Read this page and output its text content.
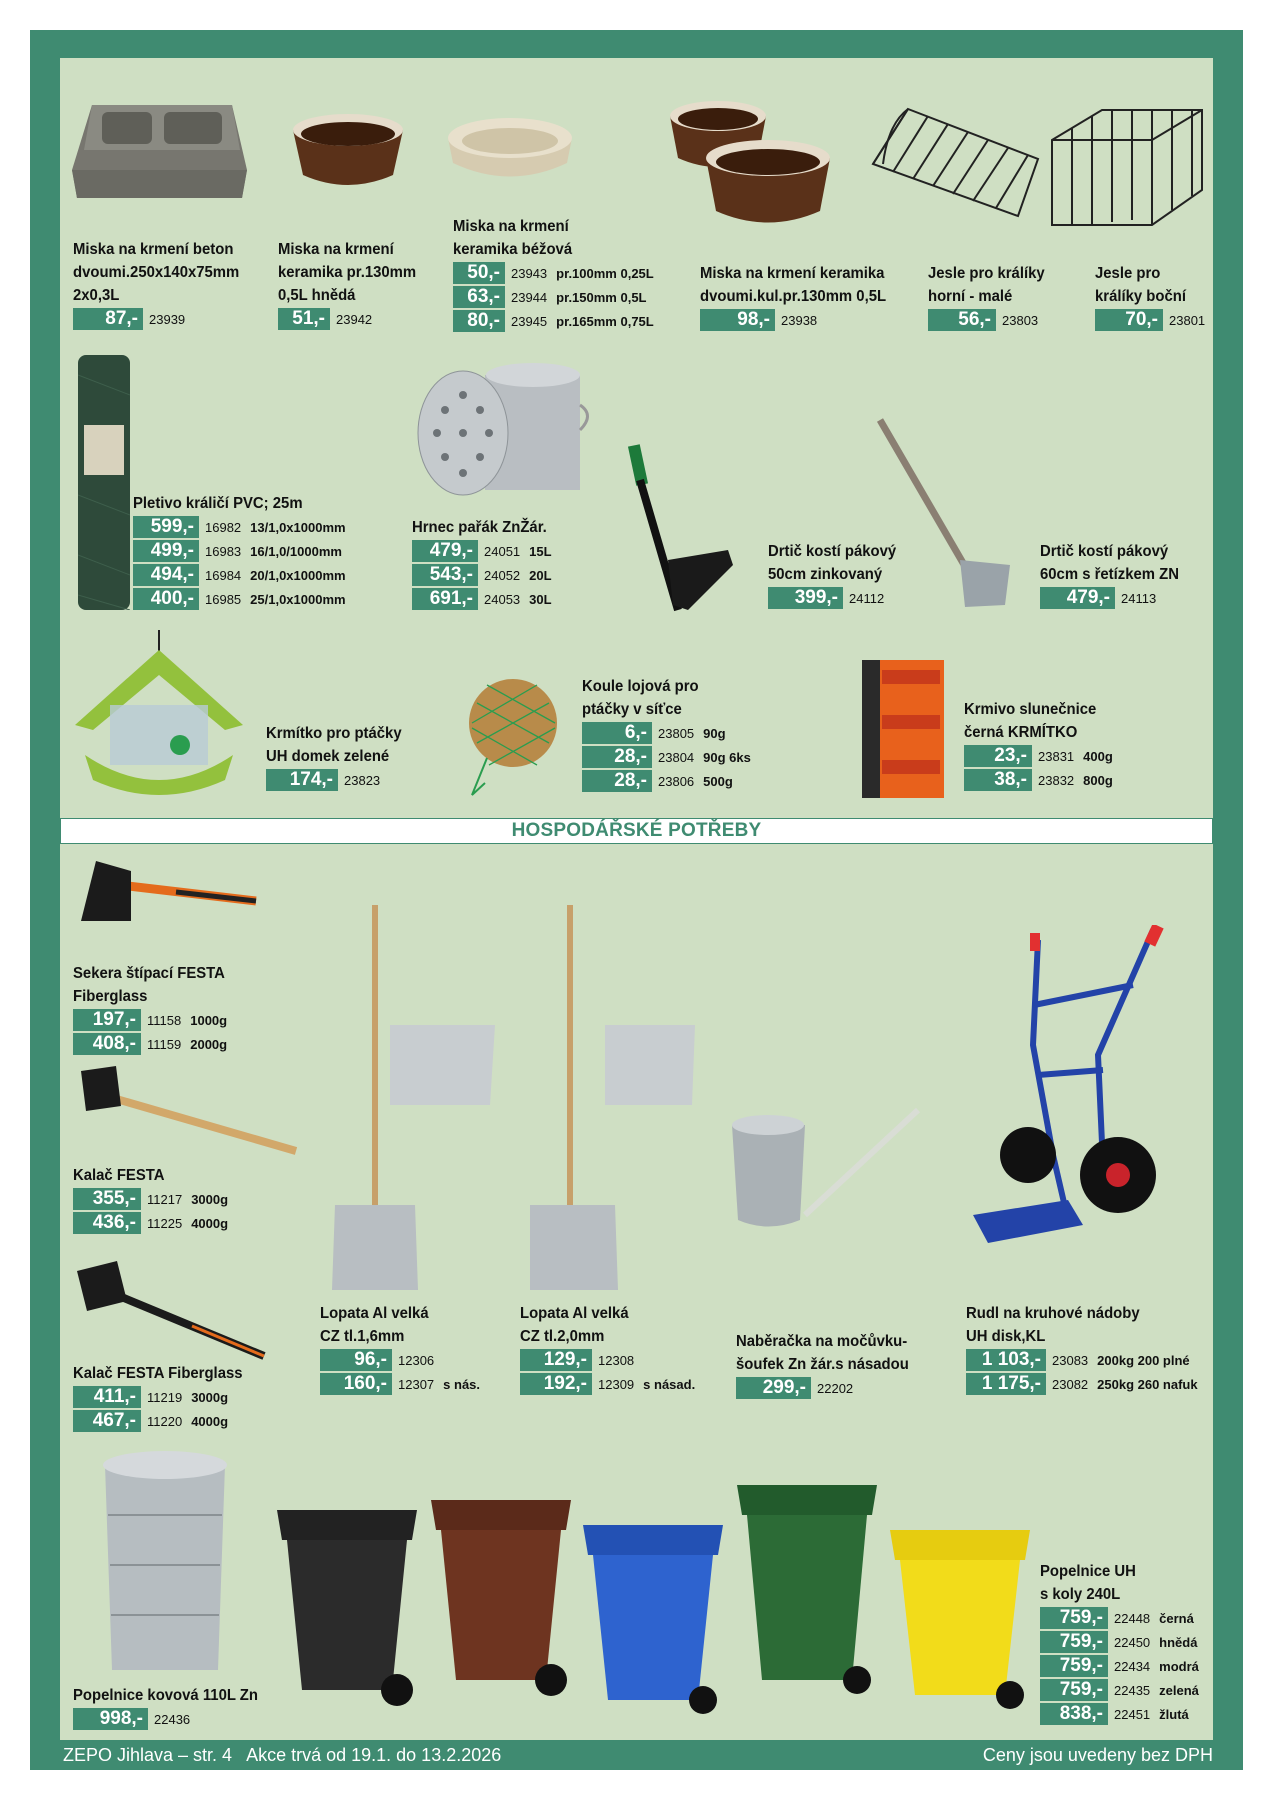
HOSPODÁŘSKÉ POTŘEBY
Miska na krmení beton
dvoumi.250x140x75mm
2x0,3L
87,- 23939
Miska na krmení
keramika pr.130mm
0,5L hnědá
51,- 23942
Miska na krmení
keramika béžová
50,- 23943 pr.100mm 0,25L
63,- 23944 pr.150mm 0,5L
80,- 23945 pr.165mm 0,75L
Miska na krmení keramika
dvoumi.kul.pr.130mm 0,5L
98,- 23938
Jesle pro králíky
horní - malé
56,- 23803
Jesle pro
králíky boční
70,- 23801
Pletivo králičí PVC; 25m
599,- 16982 13/1,0x1000mm
499,- 16983 16/1,0/1000mm
494,- 16984 20/1,0x1000mm
400,- 16985 25/1,0x1000mm
Hrnec pařák ZnŽár.
479,- 24051 15L
543,- 24052 20L
691,- 24053 30L
Drtič kostí pákový
50cm zinkovaný
399,- 24112
Drtič kostí pákový
60cm s řetízkem ZN
479,- 24113
Krmítko pro ptáčky
UH domek zelené
174,- 23823
Koule lojová pro
ptáčky v síťce
6,- 23805 90g
28,- 23804 90g 6ks
28,- 23806 500g
Krmivo slunečnice
černá KRMÍTKO
23,- 23831 400g
38,- 23832 800g
Sekera štípací FESTA
Fiberglass
197,- 11158 1000g
408,- 11159 2000g
Kalač FESTA
355,- 11217 3000g
436,- 11225 4000g
Kalač FESTA Fiberglass
411,- 11219 3000g
467,- 11220 4000g
Lopata Al velká
CZ tl.1,6mm
96,- 12306
160,- 12307 s nás.
Lopata Al velká
CZ tl.2,0mm
129,- 12308
192,- 12309 s násad.
Naběračka na močůvku-
šoufek Zn žár.s násadou
299,- 22202
Rudl na kruhové nádoby
UH disk,KL
1 103,- 23083 200kg 200 plné
1 175,- 23082 250kg 260 nafuk
Popelnice kovová 110L Zn
998,- 22436
Popelnice UH
s koly 240L
759,- 22448 černá
759,- 22450 hnědá
759,- 22434 modrá
759,- 22435 zelená
838,- 22451 žlutá
ZEPO Jihlava – str. 4   Akce trvá od 19.1. do 13.2.2026	Ceny jsou uvedeny bez DPH
